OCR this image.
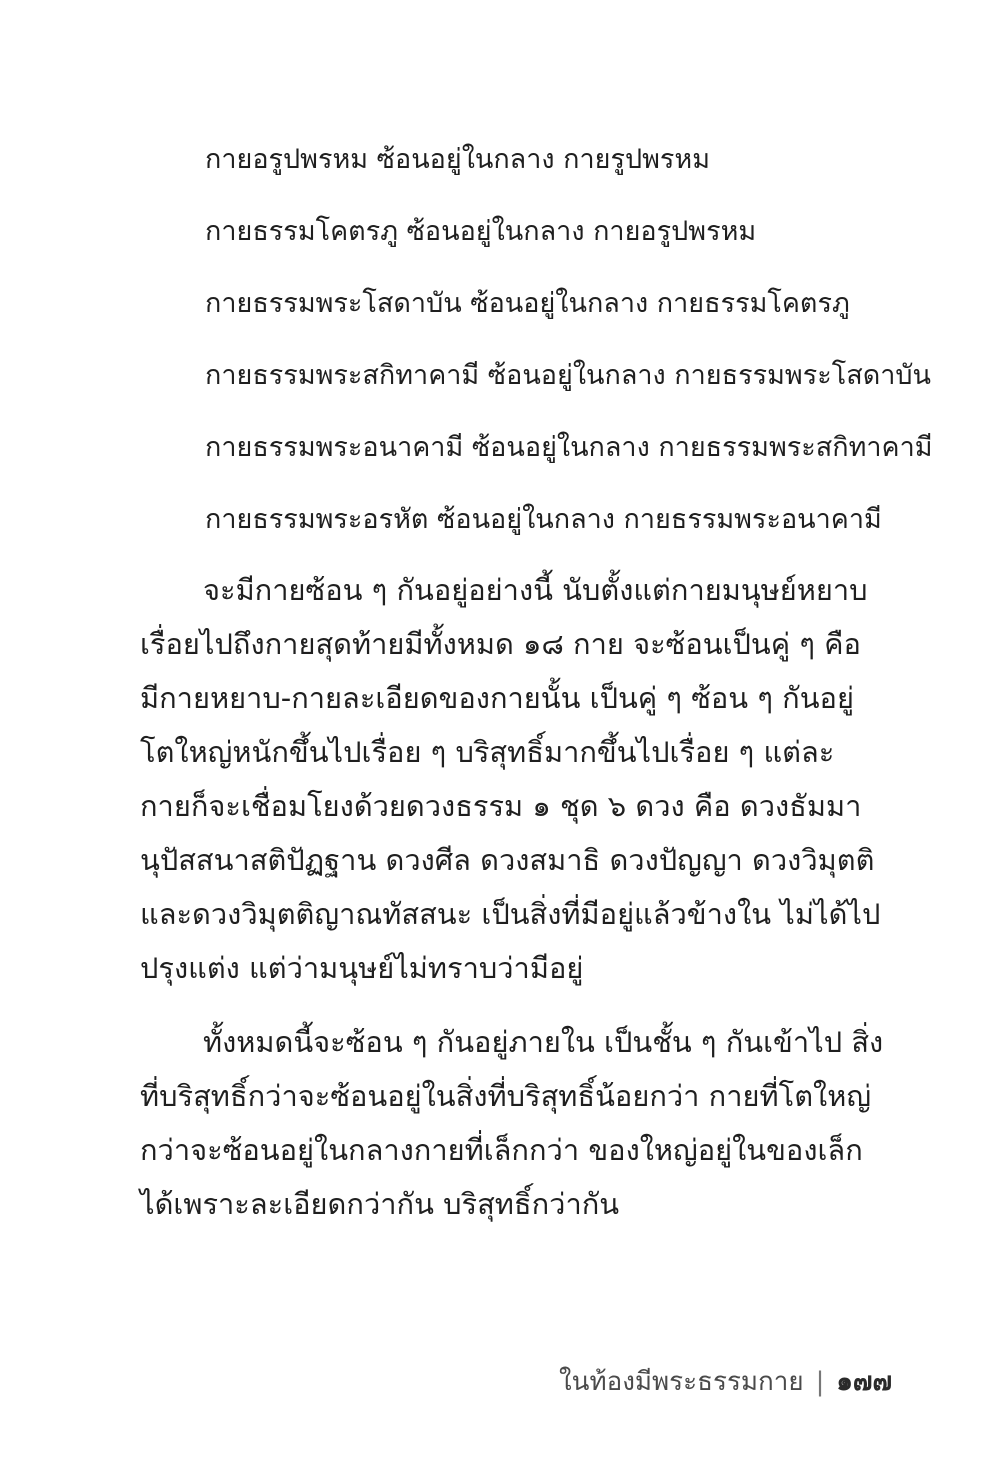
กายอรูปพรหม ซ้อนอยู่ในกลาง กายรูปพรหม
กายธรรมโคตรภู ซ้อนอยู่ในกลาง กายอรูปพรหม
กายธรรมพระโสดาบัน ซ้อนอยู่ในกลาง กายธรรมโคตรภู
กายธรรมพระสกิทาคามี ซ้อนอยู่ในกลาง กายธรรมพระโสดาบัน
กายธรรมพระอนาคามี ซ้อนอยู่ในกลาง กายธรรมพระสกิทาคามี
กายธรรมพระอรหัต ซ้อนอยู่ในกลาง กายธรรมพระอนาคามี
จะมีกายซ้อน ๆ กันอยู่อย่างนี้ นับตั้งแต่กายมนุษย์หยาบ
เรื่อยไปถึงกายสุดท้ายมีทั้งหมด ๑๘ กาย จะซ้อนเป็นคู่ ๆ คือ
มีกายหยาบ-กายละเอียดของกายนั้น เป็นคู่ ๆ ซ้อน ๆ กันอยู่
โตใหญ่หนักขึ้นไปเรื่อย ๆ บริสุทธิ์มากขึ้นไปเรื่อย ๆ แต่ละ
กายก็จะเชื่อมโยงด้วยดวงธรรม ๑ ชุด ๖ ดวง คือ ดวงธัมมา
นุปัสสนาสติปัฏฐาน ดวงศีล ดวงสมาธิ ดวงปัญญา ดวงวิมุตติ
และดวงวิมุตติญาณทัสสนะ เป็นสิ่งที่มีอยู่แล้วข้างใน ไม่ได้ไป
ปรุงแต่ง แต่ว่ามนุษย์ไม่ทราบว่ามีอยู่
ทั้งหมดนี้จะซ้อน ๆ กันอยู่ภายใน เป็นชั้น ๆ กันเข้าไป สิ่ง
ที่บริสุทธิ์กว่าจะซ้อนอยู่ในสิ่งที่บริสุทธิ์น้อยกว่า กายที่โตใหญ่
กว่าจะซ้อนอยู่ในกลางกายที่เล็กกว่า ของใหญ่อยู่ในของเล็ก
ได้เพราะละเอียดกว่ากัน บริสุทธิ์กว่ากัน
ในท้องมีพระธรรมกาย | ๑๗๗
